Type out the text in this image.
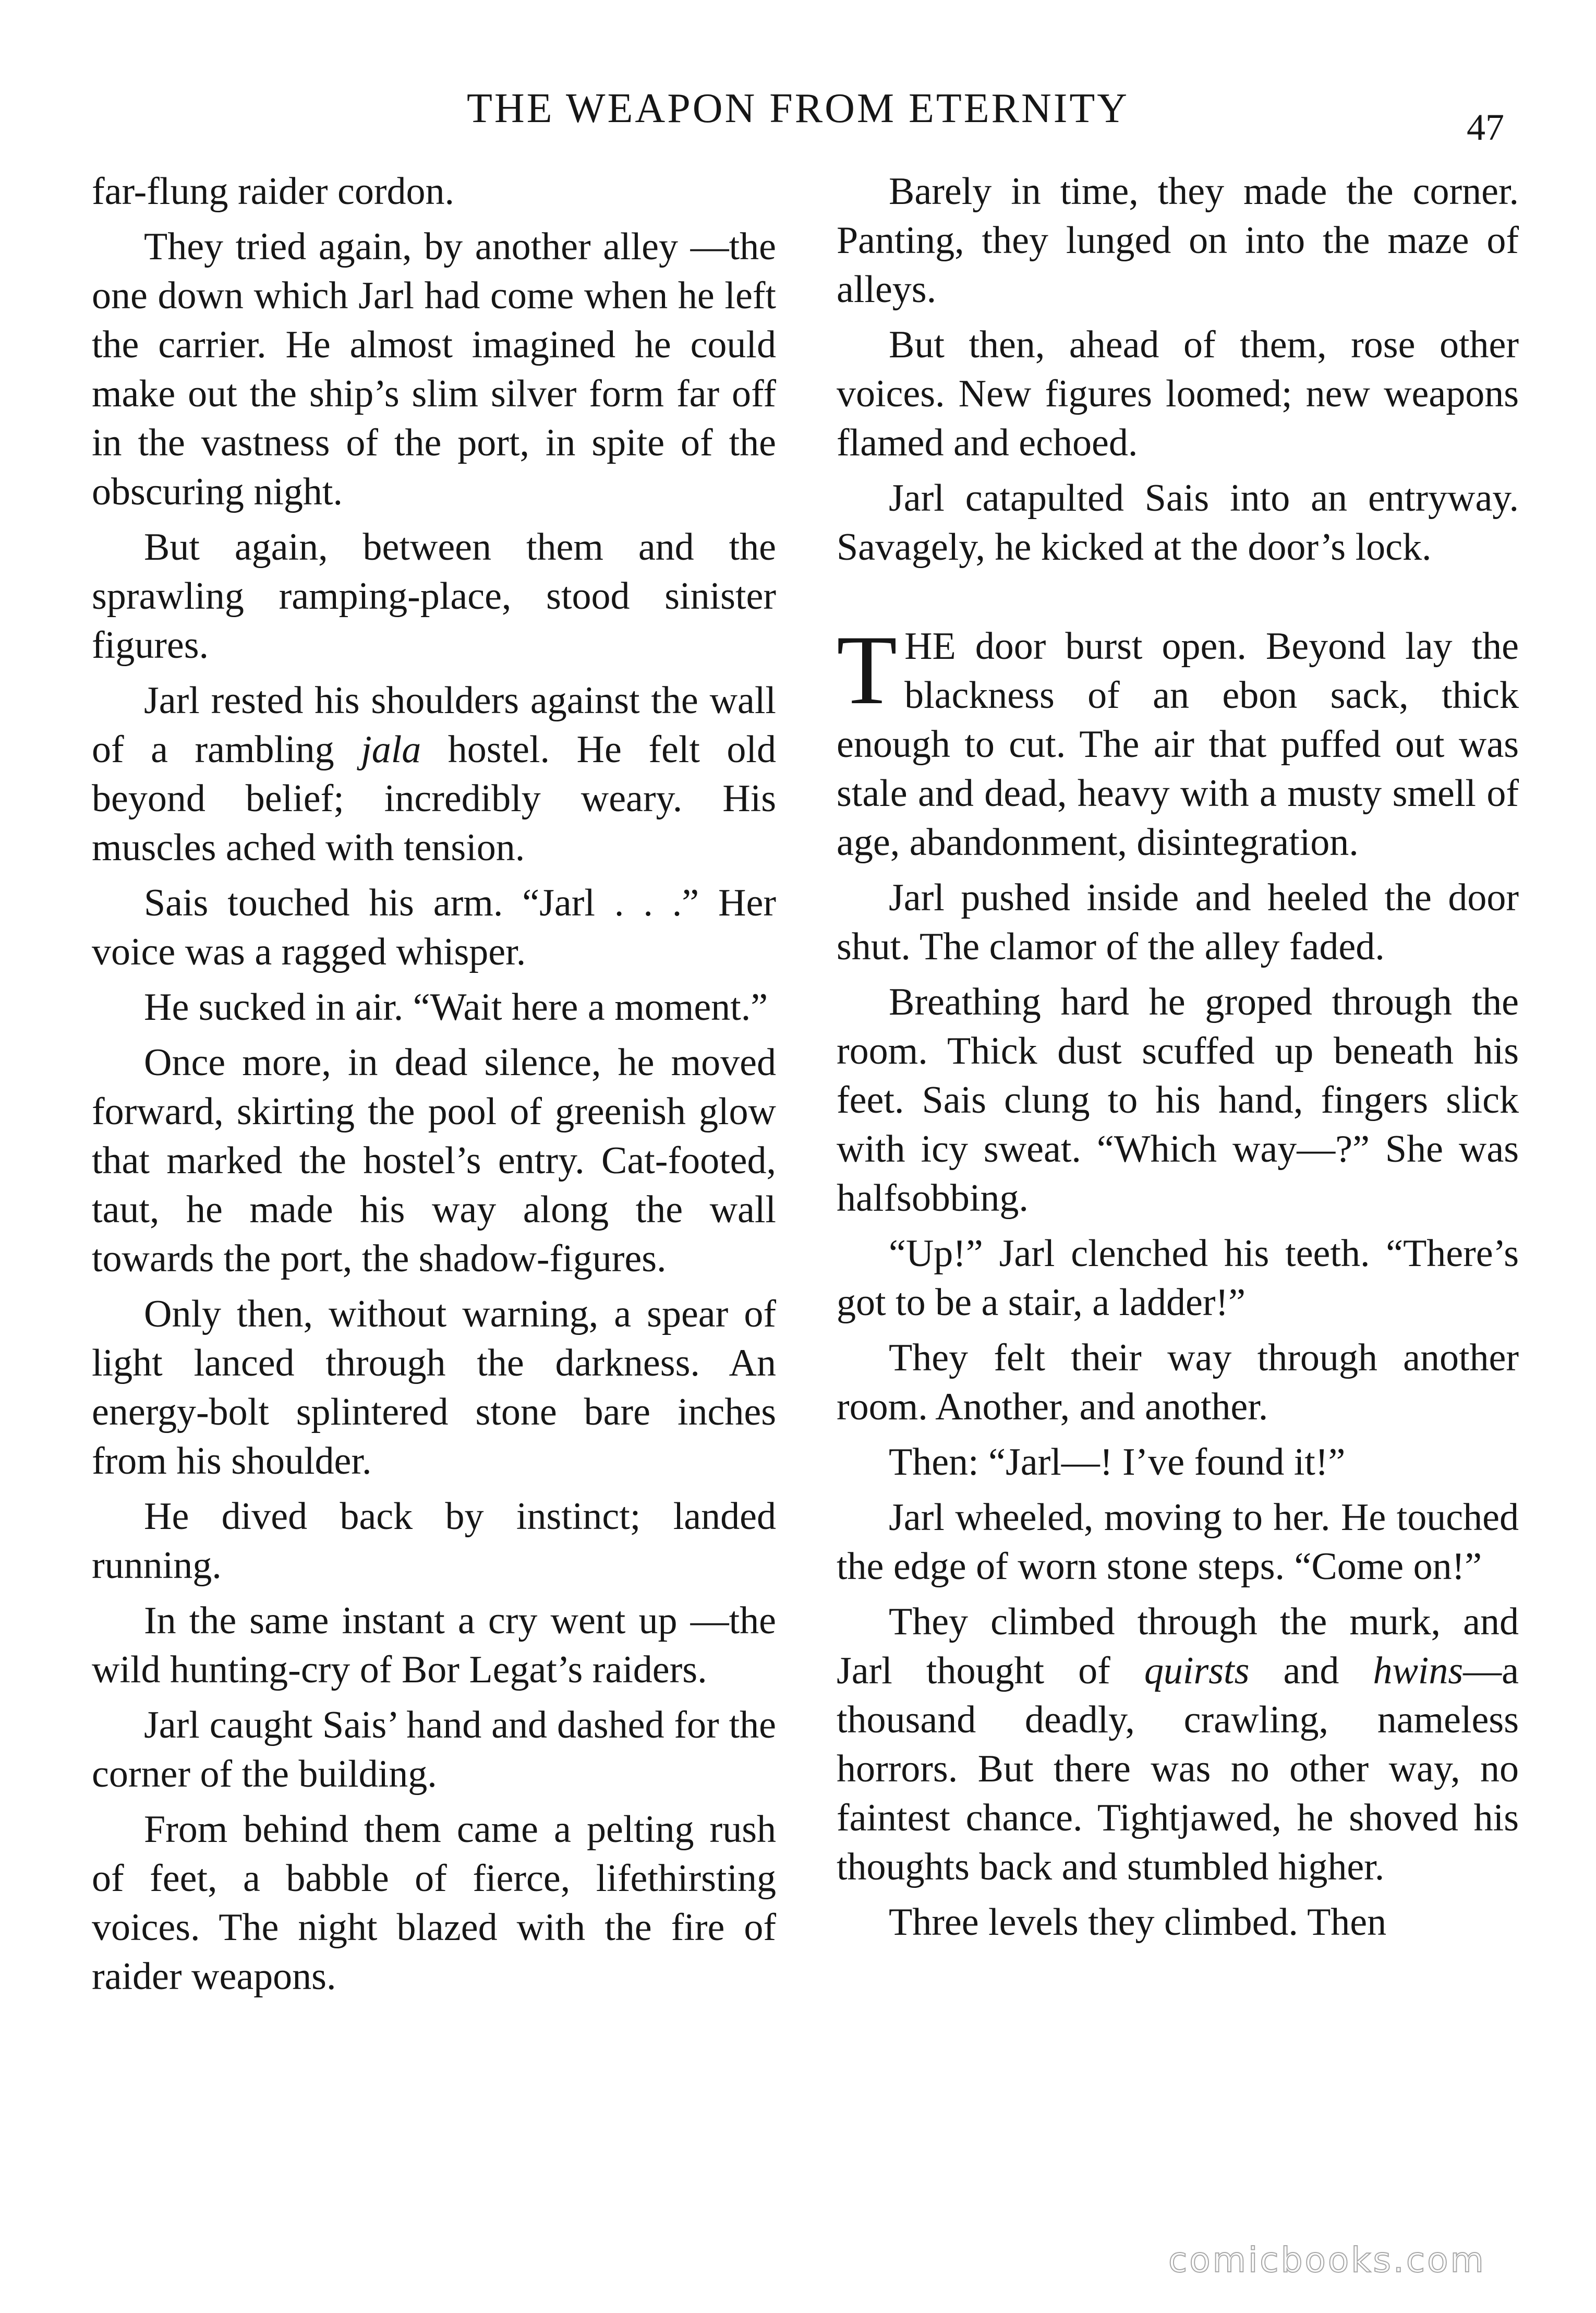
THE WEAPON FROM ETERNITY	47

far-flung raider cordon.

They tried again, by another alley —the one down which Jarl had come when he left the carrier. He almost imagined he could make out the ship’s slim silver form far off in the vastness of the port, in spite of the obscuring night.

But again, between them and the sprawling ramping-place, stood sinister figures.

Jarl rested his shoulders against the wall of a rambling jala hostel. He felt old beyond belief; incredibly weary. His muscles ached with tension.

Sais touched his arm. “Jarl . . .” Her voice was a ragged whisper.

He sucked in air. “Wait here a moment.”

Once more, in dead silence, he moved forward, skirting the pool of greenish glow that marked the hostel’s entry. Cat-footed, taut, he made his way along the wall towards the port, the shadow-figures.

Only then, without warning, a spear of light lanced through the darkness. An energy-bolt splintered stone bare inches from his shoulder.

He dived back by instinct; landed running.

In the same instant a cry went up —the wild hunting-cry of Bor Legat’s raiders.

Jarl caught Sais’ hand and dashed for the corner of the building.

From behind them came a pelting rush of feet, a babble of fierce, lifethirsting voices. The night blazed with the fire of raider weapons.

Barely in time, they made the corner. Panting, they lunged on into the maze of alleys.

But then, ahead of them, rose other voices. New figures loomed; new weapons flamed and echoed.

Jarl catapulted Sais into an entryway. Savagely, he kicked at the door’s lock.

THE door burst open. Beyond lay the blackness of an ebon sack, thick enough to cut. The air that puffed out was stale and dead, heavy with a musty smell of age, abandonment, disintegration.

Jarl pushed inside and heeled the door shut. The clamor of the alley faded.

Breathing hard he groped through the room. Thick dust scuffed up beneath his feet. Sais clung to his hand, fingers slick with icy sweat. “Which way—?” She was halfsobbing.

“Up!” Jarl clenched his teeth. “There’s got to be a stair, a ladder!”

They felt their way through another room. Another, and another.

Then: “Jarl—! I’ve found it!”

Jarl wheeled, moving to her. He touched the edge of worn stone steps. “Come on!”

They climbed through the murk, and Jarl thought of quirsts and hwins—a thousand deadly, crawling, nameless horrors. But there was no other way, no faintest chance. Tightjawed, he shoved his thoughts back and stumbled higher.

Three levels they climbed. Then

comicbooks.com
